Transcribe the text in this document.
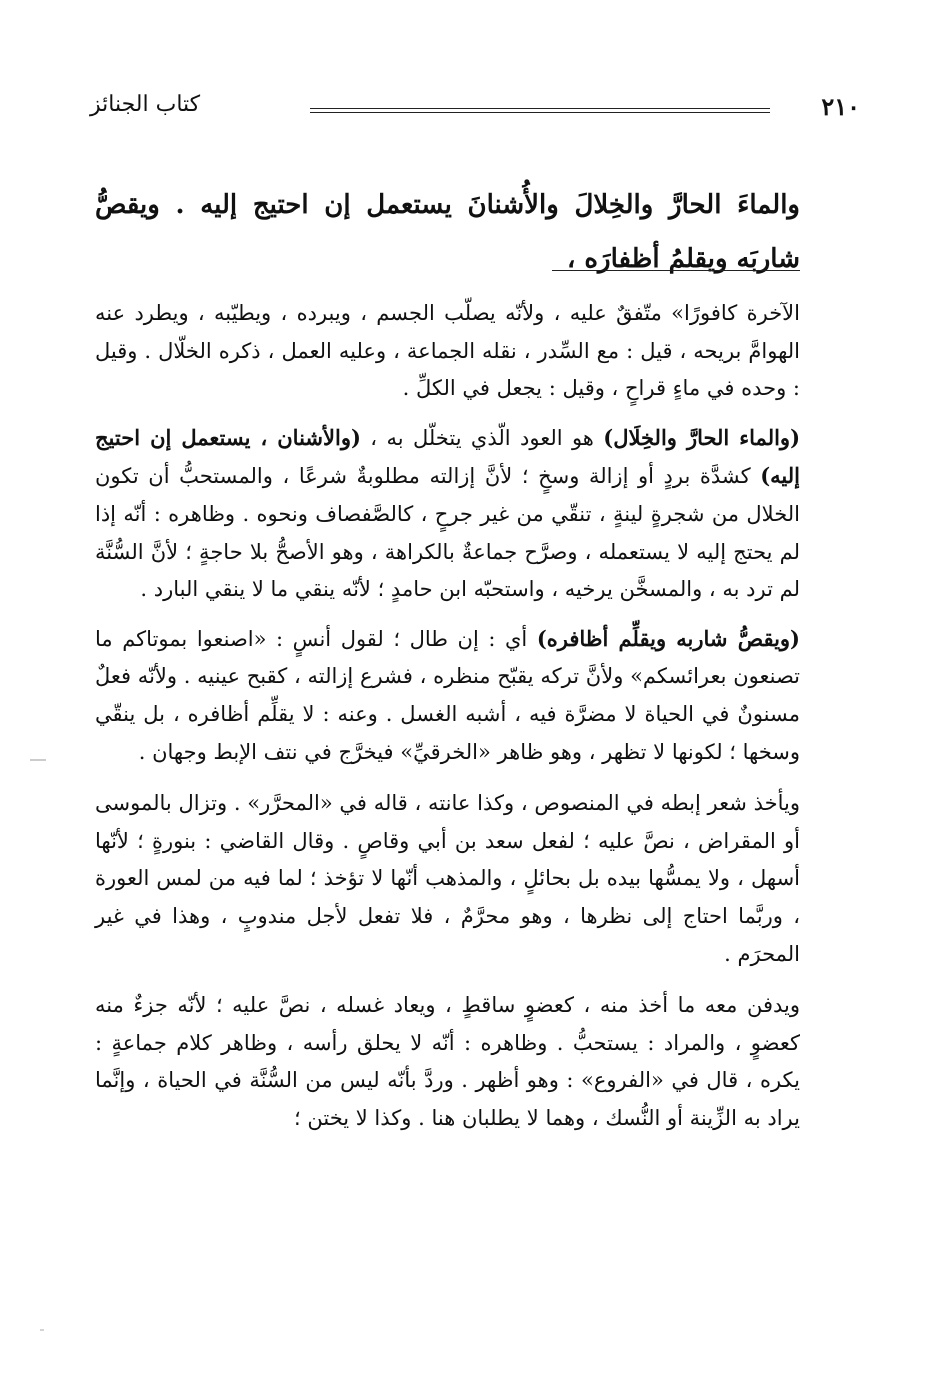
٢١٠
كتاب الجنائز
والماءَ الحارَّ والخِلالَ والأُشنانَ يستعمل إن احتيج إليه . ويقصُّ شاربَه ويقلمُ أظفارَه ،

الآخرة كافورًا» متّفقٌ عليه ، ولأنّه يصلّب الجسم ، ويبرده ، ويطيّبه ، ويطرد عنه الهوامَّ بريحه ، قيل : مع السِّدر ، نقله الجماعة ، وعليه العمل ، ذكره الخلّال . وقيل : وحده في ماءٍ قراحٍ ، وقيل : يجعل في الكلِّ .

(والماء الحارَّ والخِلَال) هو العود الّذي يتخلّل به ، (والأشنان ، يستعمل إن احتيج إليه) كشدَّة بردٍ أو إزالة وسخٍ ؛ لأنَّ إزالته مطلوبةٌ شرعًا ، والمستحبُّ أن تكون الخلال من شجرةٍ لينةٍ ، تنقّي من غير جرحٍ ، كالصَّفصاف ونحوه . وظاهره : أنّه إذا لم يحتج إليه لا يستعمله ، وصرَّح جماعةٌ بالكراهة ، وهو الأصحُّ بلا حاجةٍ ؛ لأنَّ السُّنَّة لم ترد به ، والمسخَّن يرخيه ، واستحبّه ابن حامدٍ ؛ لأنّه ينقي ما لا ينقي البارد .

(ويقصُّ شاربه ويقلِّم أظافره) أي : إن طال ؛ لقول أنسٍ : «اصنعوا بموتاكم ما تصنعون بعرائسكم» ولأنَّ تركه يقبّح منظره ، فشرع إزالته ، كقبح عينيه . ولأنّه فعلٌ مسنونٌ في الحياة لا مضرَّة فيه ، أشبه الغسل . وعنه : لا يقلِّم أظافره ، بل ينقّي وسخها ؛ لكونها لا تظهر ، وهو ظاهر «الخرقيِّ» فيخرَّج في نتف الإبط وجهان .

ويأخذ شعر إبطه في المنصوص ، وكذا عانته ، قاله في «المحرَّر» . وتزال بالموسى أو المقراض ، نصَّ عليه ؛ لفعل سعد بن أبي وقاصٍ . وقال القاضي : بنورةٍ ؛ لأنّها أسهل ، ولا يمسُّها بيده بل بحائلٍ ، والمذهب أنّها لا تؤخذ ؛ لما فيه من لمس العورة ، وربَّما احتاج إلى نظرها ، وهو محرَّمٌ ، فلا تفعل لأجل مندوبٍ ، وهذا في غير المحرَم .

ويدفن معه ما أخذ منه ، كعضوٍ ساقطٍ ، ويعاد غسله ، نصَّ عليه ؛ لأنّه جزءٌ منه كعضوٍ ، والمراد : يستحبُّ . وظاهره : أنّه لا يحلق رأسه ، وظاهر كلام جماعةٍ : يكره ، قال في «الفروع» : وهو أظهر . وردَّ بأنّه ليس من السُّنَّة في الحياة ، وإنَّما يراد به الزِّينة أو النُّسك ، وهما لا يطلبان هنا . وكذا لا يختن ؛
